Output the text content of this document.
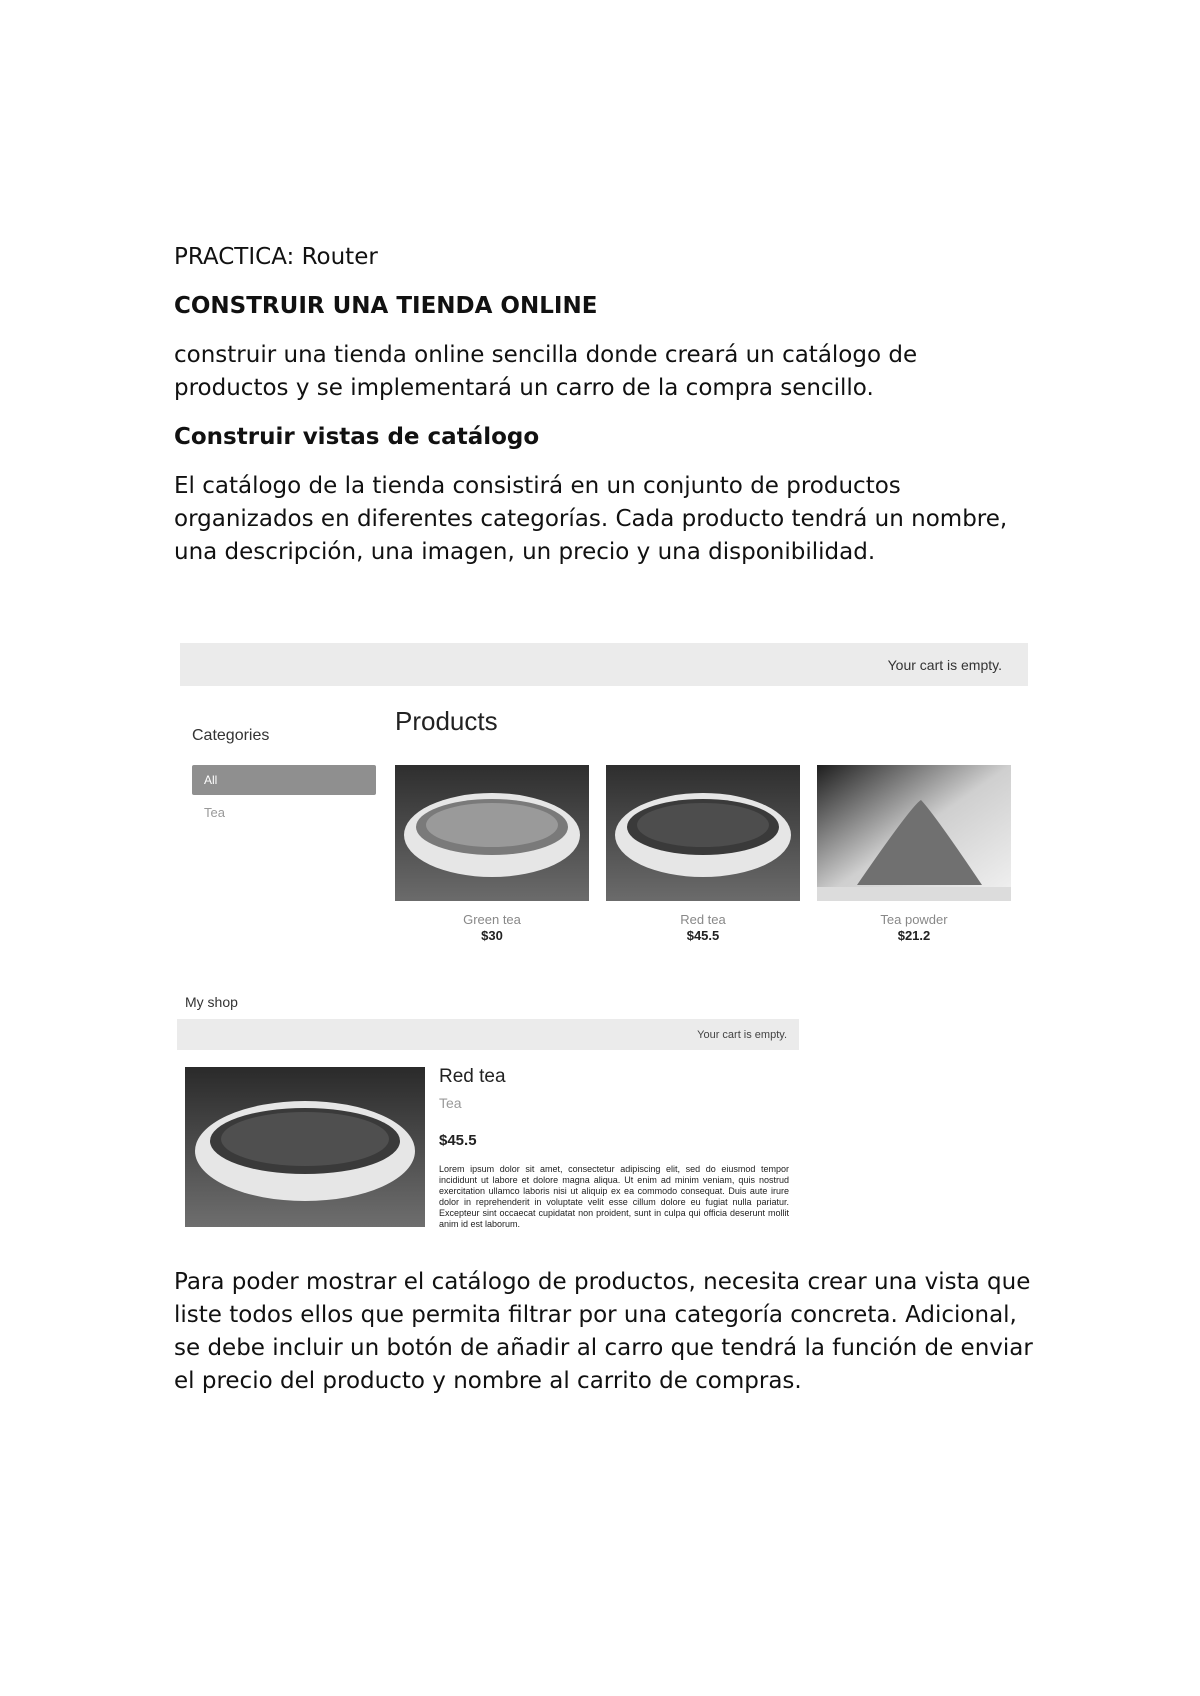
PRACTICA: Router

CONSTRUIR UNA TIENDA ONLINE

construir una tienda online sencilla donde creará un catálogo de productos y se implementará un carro de la compra sencillo.

Construir vistas de catálogo

El catálogo de la tienda consistirá en un conjunto de productos organizados en diferentes categorías. Cada producto tendrá un nombre, una descripción, una imagen, un precio y una disponibilidad.

Para poder mostrar el catálogo de productos, necesita crear una vista que liste todos ellos que permita filtrar por una categoría concreta. Adicional, se debe incluir un botón de añadir al carro que tendrá la función de enviar el precio del producto y nombre al carrito de compras.

Your cart is empty.
Categories
All
Tea
Products
Green tea
$30
Red tea
$45.5
Tea powder
$21.2
My shop
Your cart is empty.
Red tea
Tea
$45.5
Lorem ipsum dolor sit amet, consectetur adipiscing elit, sed do eiusmod tempor incididunt ut labore et dolore magna aliqua. Ut enim ad minim veniam, quis nostrud exercitation ullamco laboris nisi ut aliquip ex ea commodo consequat. Duis aute irure dolor in reprehenderit in voluptate velit esse cillum dolore eu fugiat nulla pariatur. Excepteur sint occaecat cupidatat non proident, sunt in culpa qui officia deserunt mollit anim id est laborum.
